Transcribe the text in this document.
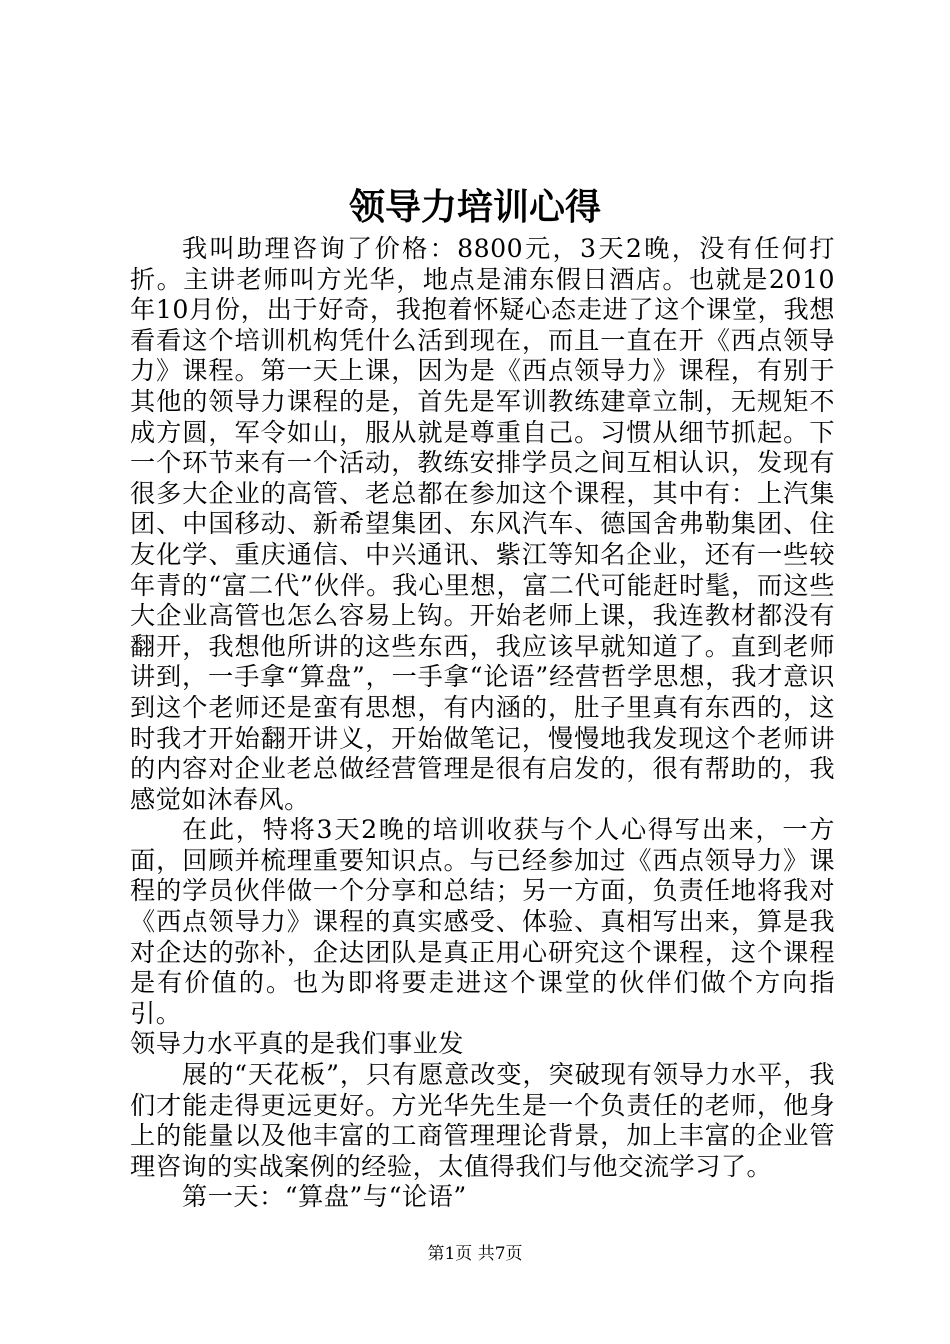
领导力培训心得

我叫助理咨询了价格：8800元，3天2晚，没有任何打折。主讲老师叫方光华，地点是浦东假日酒店。也就是2010年10月份，出于好奇，我抱着怀疑心态走进了这个课堂，我想看看这个培训机构凭什么活到现在，而且一直在开《西点领导力》课程。第一天上课，因为是《西点领导力》课程，有别于其他的领导力课程的是，首先是军训教练建章立制，无规矩不成方圆，军令如山，服从就是尊重自己。习惯从细节抓起。下一个环节来有一个活动，教练安排学员之间互相认识，发现有很多大企业的高管、老总都在参加这个课程，其中有：上汽集团、中国移动、新希望集团、东风汽车、德国舍弗勒集团、住友化学、重庆通信、中兴通讯、紫江等知名企业，还有一些较年青的“富二代”伙伴。我心里想，富二代可能赶时髦，而这些大企业高管也怎么容易上钩。开始老师上课，我连教材都没有翻开，我想他所讲的这些东西，我应该早就知道了。直到老师讲到，一手拿“算盘”，一手拿“论语”经营哲学思想，我才意识到这个老师还是蛮有思想，有内涵的，肚子里真有东西的，这时我才开始翻开讲义，开始做笔记，慢慢地我发现这个老师讲的内容对企业老总做经营管理是很有启发的，很有帮助的，我感觉如沐春风。

在此，特将3天2晚的培训收获与个人心得写出来，一方面，回顾并梳理重要知识点。与已经参加过《西点领导力》课程的学员伙伴做一个分享和总结；另一方面，负责任地将我对《西点领导力》课程的真实感受、体验、真相写出来，算是我对企达的弥补，企达团队是真正用心研究这个课程，这个课程是有价值的。也为即将要走进这个课堂的伙伴们做个方向指引。

领导力水平真的是我们事业发

展的“天花板”，只有愿意改变，突破现有领导力水平，我们才能走得更远更好。方光华先生是一个负责任的老师，他身上的能量以及他丰富的工商管理理论背景，加上丰富的企业管理咨询的实战案例的经验，太值得我们与他交流学习了。

第一天：“算盘”与“论语”

第1页 共7页
